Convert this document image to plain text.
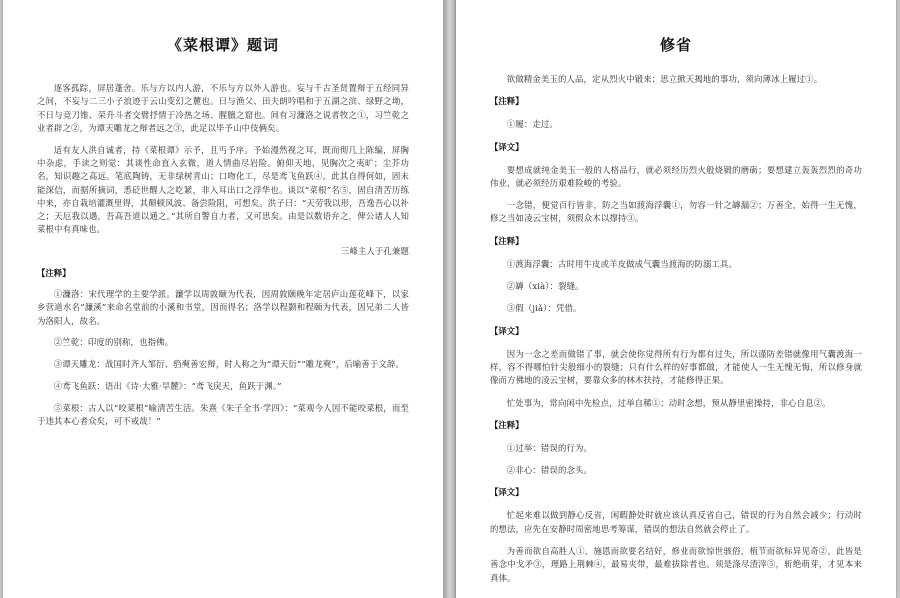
《菜根谭》题词

逐客孤踪，屏居蓬舍。乐与方以内人游，不乐与方以外人游也。妄与千古圣贤置辩于五经同异之间，不妄与二三小子浪迹于云山变幻之麓也。日与渔父、田夫朗吟唱和于五湖之滨、绿野之坳，不日与竞刀锥、荣升斗者交臂抒情于冷热之场、腥膻之窟也。间有习濂洛之说者牧之①，习竺乾之业者辟之②，为谭天雕龙之辩者远之③，此足以毕予山中伎俩矣。

适有友人洪自诚者，持《菜根谭》示予，且丐予序。予始漫然视之耳，既而彻几上陈编，屏胸中杂虑，手读之则觉：其谈性命直入玄微，道人情曲尽岩险。俯仰天地，见胸次之夷旷；尘芥功名，知识趣之高远。笔底陶铸，无非绿树青山；口吻化工，尽是鸢飞鱼跃④。此其自得何如，固未能深信，而据所摘词，悉砭世醒人之吃紧，非入耳出口之浮华也。谈以“菜根”名⑤，固自清苦历练中来，亦自栽培灌溉里得，其颠顿风波、备尝险阻，可想矣。洪子曰：“天劳我以形，吾逸吾心以补之；天厄我以遇，吾高吾道以通之。”其所自警自力者，又可思矣。由是以数语弁之，俾公诸人人知菜根中有真味也。

三峰主人于孔兼题

【注释】

①濂洛：宋代理学的主要学派。濂学以周敦颐为代表，因周敦颐晚年定居庐山莲花峰下，以家乡营道水名“濂溪”来命名堂前的小溪和书堂，因而得名；洛学以程颢和程颐为代表，因兄弟二人皆为洛阳人，故名。

②竺乾：印度的别称，也指佛。

③谭天雕龙：战国时齐人邹衍、驺奭善宏辩，时人称之为“谭天衍”“雕龙奭”，后喻善于文辞。

④鸢飞鱼跃：语出《诗·大雅·旱麓》：“鸢飞戾天，鱼跃于渊。”

⑤菜根：古人以“咬菜根”喻清苦生活。朱熹《朱子全书·学四》：“菜观今人因不能咬菜根，而至于违其本心者众矣，可不戒哉！”

修省

欲做精金美玉的人品，定从烈火中锻来；思立掀天揭地的事功，须向薄冰上履过①。

【注释】

①履：走过。

【译文】

要想成就纯金美玉一般的人格品行，就必须经历烈火般烧锻的磨砺；要想建立轰轰烈烈的奇功伟业，就必须经历艰难险峻的考验。

一念错，便觉百行皆非，防之当如渡海浮囊①，勿容一针之罅漏②；万善全，始得一生无愧，修之当如凌云宝树，须假众木以撑持③。

【注释】

①渡海浮囊：古时用牛皮或羊皮做成气囊当渡海的防溺工具。

②罅（xià）：裂缝。

③假（jiǎ）：凭借。

【译文】

因为一念之差而做错了事，就会使你觉得所有行为都有过失，所以谨防差错就像用气囊渡海一样，容不得哪怕针尖般细小的裂缝；只有什么样的好事都做，才能使人一生无愧无悔，所以修身就像而方佛地的凌云宝树，要靠众多的林木扶持，才能修得正果。

忙处事为，常向闲中先检点，过举自稀①；动时念想，预从静里密操持，非心自息②。

【注释】

①过举：错误的行为。

②非心：错误的念头。

【译文】

忙起来难以做到静心反省，闲暇静处时就应该认真反省自己，错误的行为自然会减少；行动时的想法，应先在安静时周密地思考筹谋，错误的想法自然就会停止了。

为善而欲自高胜人①，施恩而欲要名结好，修业而欲惊世骇俗，植节而欲标异见奇②，此皆是善念中戈矛③，理路上荆棘④，最易夹带，最难拔除者也。须是涤尽渣滓⑤，斩绝萌芽，才见本来真体。
